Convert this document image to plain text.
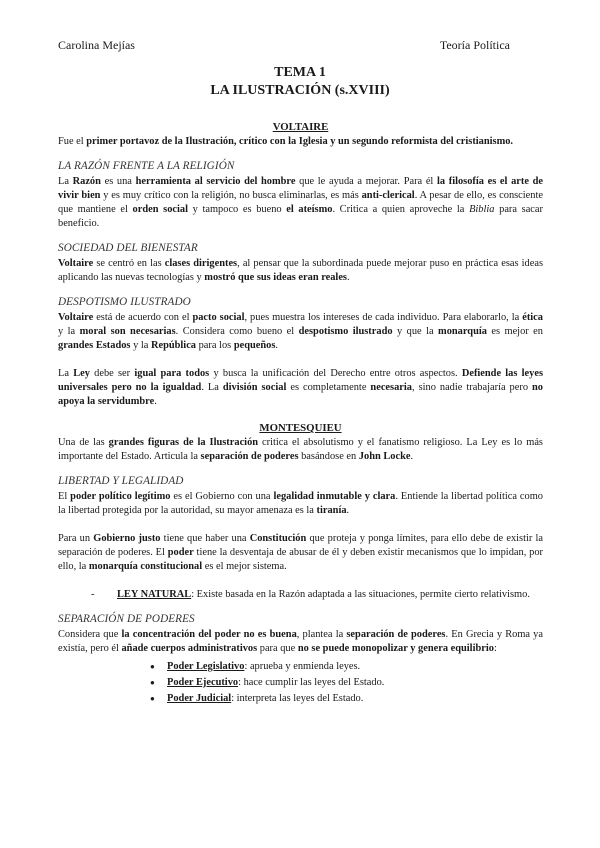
Carolina Mejías	Teoría Política
TEMA 1
LA ILUSTRACIÓN (s.XVIII)
VOLTAIRE

Fue el primer portavoz de la Ilustración, crítico con la Iglesia y un segundo reformista del cristianismo.

LA RAZÓN FRENTE A LA RELIGIÓN

La Razón es una herramienta al servicio del hombre que le ayuda a mejorar. Para él la filosofía es el arte de vivir bien y es muy crítico con la religión, no busca eliminarlas, es más anti-clerical. A pesar de ello, es consciente que mantiene el orden social y tampoco es bueno el ateísmo. Critica a quien aproveche la Biblia para sacar beneficio.

SOCIEDAD DEL BIENESTAR

Voltaire se centró en las clases dirigentes, al pensar que la subordinada puede mejorar puso en práctica esas ideas aplicando las nuevas tecnologías y mostró que sus ideas eran reales.

DESPOTISMO ILUSTRADO

Voltaire está de acuerdo con el pacto social, pues muestra los intereses de cada individuo. Para elaborarlo, la ética y la moral son necesarias. Considera como bueno el despotismo ilustrado y que la monarquía es mejor en grandes Estados y la República para los pequeños.

La Ley debe ser igual para todos y busca la unificación del Derecho entre otros aspectos. Defiende las leyes universales pero no la igualdad. La división social es completamente necesaria, sino nadie trabajaría pero no apoya la servidumbre.

MONTESQUIEU

Una de las grandes figuras de la Ilustración critica el absolutismo y el fanatismo religioso. La Ley es lo más importante del Estado. Articula la separación de poderes basándose en John Locke.

LIBERTAD Y LEGALIDAD

El poder político legítimo es el Gobierno con una legalidad inmutable y clara. Entiende la libertad política como la libertad protegida por la autoridad, su mayor amenaza es la tiranía.

Para un Gobierno justo tiene que haber una Constitución que proteja y ponga límites, para ello debe de existir la separación de poderes. El poder tiene la desventaja de abusar de él y deben existir mecanismos que lo impidan, por ello, la monarquía constitucional es el mejor sistema.

- LEY NATURAL: Existe basada en la Razón adaptada a las situaciones, permite cierto relativismo.
SEPARACIÓN DE PODERES

Considera que la concentración del poder no es buena, plantea la separación de poderes. En Grecia y Roma ya existía, pero él añade cuerpos administrativos para que no se puede monopolizar y genera equilibrio:

● Poder Legislativo: aprueba y enmienda leyes.
● Poder Ejecutivo: hace cumplir las leyes del Estado.
● Poder Judicial: interpreta las leyes del Estado.
